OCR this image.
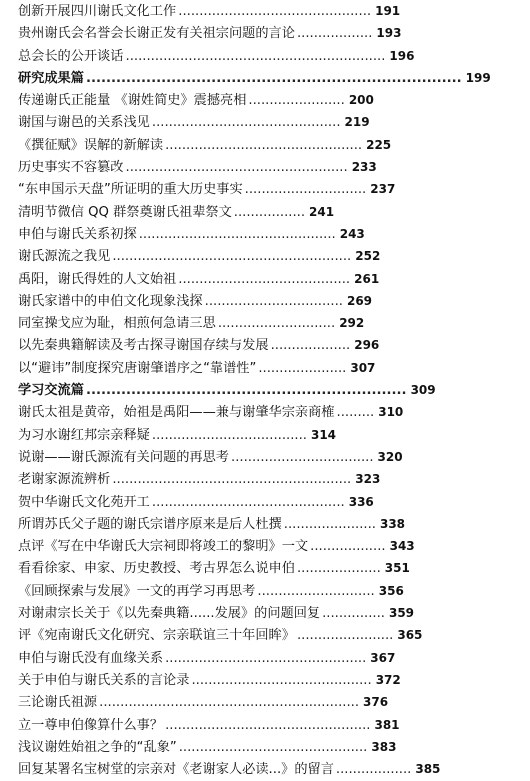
创新开展四川谢氏文化工作 .............................................. 191
贵州谢氏会名誉会长谢正发有关祖宗问题的言论 .................. 193
总会长的公开谈话 .............................................................. 196
研究成果篇 ........................................................................... 199
传递谢氏正能量 《谢姓简史》震撼亮相 ....................... 200
谢国与谢邑的关系浅见 ............................................. 219
《撰征赋》误解的新解读 ............................................... 225
历史事实不容篡改 ..................................................... 233
“东申国示天盘”所证明的重大历史事实 ............................. 237
清明节微信 QQ 群祭奠谢氏祖辈祭文 ................. 241
申伯与谢氏关系初探 ............................................... 243
谢氏源流之我见 ......................................................... 252
禹阳，谢氏得姓的人文始祖 ......................................... 261
谢氏家谱中的申伯文化现象浅探 ................................. 269
同室操戈应为耻，相煎何急请三思 ............................ 292
以先秦典籍解读及考古探寻谢国存续与发展 ................... 296
以“避讳”制度探究唐谢肇谱序之“靠谱性” ..................... 307
学习交流篇 ................................................................ 309
谢氏太祖是黄帝，始祖是禹阳——兼与谢肇华宗亲商榷 ......... 310
为习水谢红邦宗亲释疑 ..................................... 314
说谢——谢氏源流有关问题的再思考 .................................. 320
老谢家源流辨析 ......................................................... 323
贺中华谢氏文化苑开工 .............................................. 336
所谓苏氏父子题的谢氏宗谱序原来是后人杜撰 ...................... 338
点评《写在中华谢氏大宗祠即将竣工的黎明》一文 .................. 343
看看徐家、申家、历史教授、考古界怎么说申伯 .................... 351
《回顾探索与发展》一文的再学习再思考 ............................ 356
对谢肃宗长关于《以先秦典籍......发展》的问题回复 ............... 359
评《宛南谢氏文化研究、宗亲联谊三十年回眸》 ....................... 365
申伯与谢氏没有血缘关系 ................................................ 367
关于申伯与谢氏关系的言论录 ........................................... 372
三论谢氏祖源 .............................................................. 376
立一尊申伯像算什么事？ ................................................. 381
浅议谢姓始祖之争的“乱象” ............................................. 383
回复某署名宝树堂的宗亲对《老谢家人必读...》的留言 .................. 385
